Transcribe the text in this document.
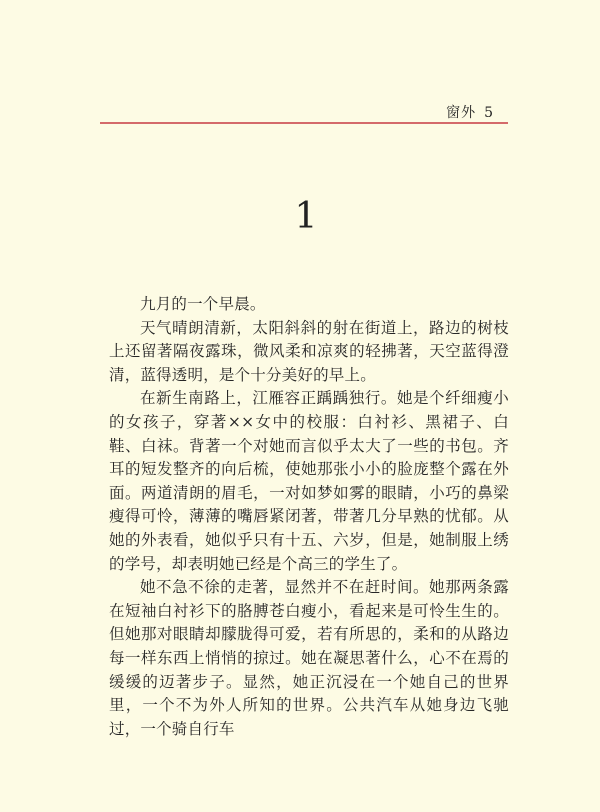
窗外 5
1

九月的一个早晨。

天气晴朗清新，太阳斜斜的射在街道上，路边的树枝上还留著隔夜露珠，微风柔和凉爽的轻拂著，天空蓝得澄清，蓝得透明，是个十分美好的早上。

在新生南路上，江雁容正踽踽独行。她是个纤细瘦小的女孩子，穿著××女中的校服：白衬衫、黑裙子、白鞋、白袜。背著一个对她而言似乎太大了一些的书包。齐耳的短发整齐的向后梳，使她那张小小的脸庞整个露在外面。两道清朗的眉毛，一对如梦如雾的眼睛，小巧的鼻梁瘦得可怜，薄薄的嘴唇紧闭著，带著几分早熟的忧郁。从她的外表看，她似乎只有十五、六岁，但是，她制服上绣的学号，却表明她已经是个高三的学生了。

她不急不徐的走著，显然并不在赶时间。她那两条露在短袖白衬衫下的胳膊苍白瘦小，看起来是可怜生生的。但她那对眼睛却朦胧得可爱，若有所思的，柔和的从路边每一样东西上悄悄的掠过。她在凝思著什么，心不在焉的缓缓的迈著步子。显然，她正沉浸在一个她自己的世界里，一个不为外人所知的世界。公共汽车从她身边飞驰过，一个骑自行车
